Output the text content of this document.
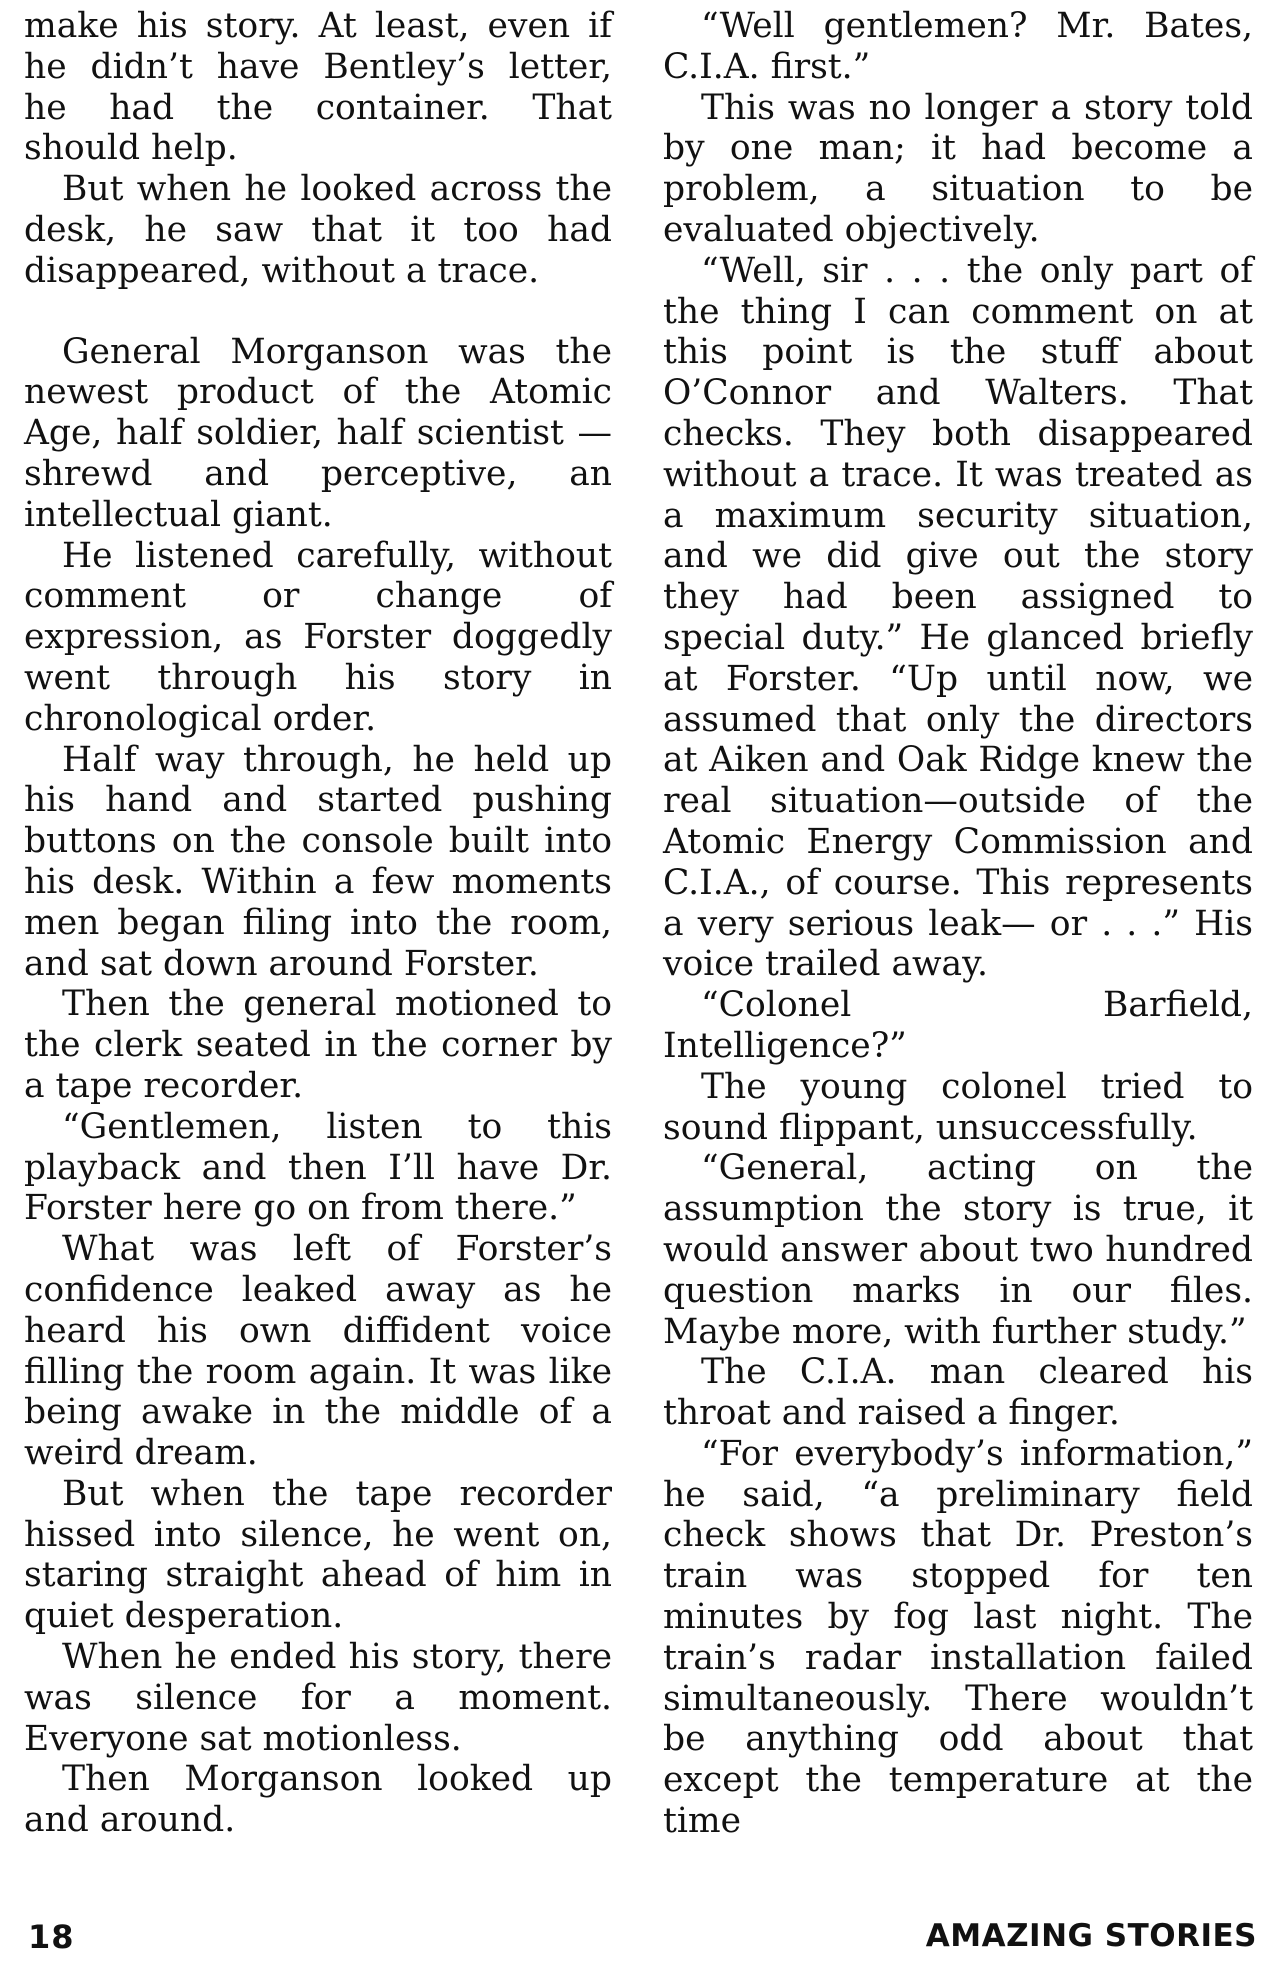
make his story. At least, even if he didn’t have Bentley’s letter, he had the container. That should help.

But when he looked across the desk, he saw that it too had disappeared, without a trace.

General Morganson was the newest product of the Atomic Age, half soldier, half scientist —shrewd and perceptive, an intellectual giant.

He listened carefully, without comment or change of expression, as Forster doggedly went through his story in chronological order.

Half way through, he held up his hand and started pushing buttons on the console built into his desk. Within a few moments men began filing into the room, and sat down around Forster.

Then the general motioned to the clerk seated in the corner by a tape recorder.

“Gentlemen, listen to this playback and then I’ll have Dr. Forster here go on from there.”

What was left of Forster’s confidence leaked away as he heard his own diffident voice filling the room again. It was like being awake in the middle of a weird dream.

But when the tape recorder hissed into silence, he went on, staring straight ahead of him in quiet desperation.

When he ended his story, there was silence for a moment. Everyone sat motionless.

Then Morganson looked up and around.

“Well gentlemen? Mr. Bates, C.I.A. first.”

This was no longer a story told by one man; it had become a problem, a situation to be evaluated objectively.

“Well, sir . . . the only part of the thing I can comment on at this point is the stuff about O’Connor and Walters. That checks. They both disappeared without a trace. It was treated as a maximum security situation, and we did give out the story they had been assigned to special duty.” He glanced briefly at Forster. “Up until now, we assumed that only the directors at Aiken and Oak Ridge knew the real situation—outside of the Atomic Energy Commission and C.I.A., of course. This represents a very serious leak— or . . .” His voice trailed away.

“Colonel Barfield, Intelligence?”

The young colonel tried to sound flippant, unsuccessfully.

“General, acting on the assumption the story is true, it would answer about two hundred question marks in our files. Maybe more, with further study.”

The C.I.A. man cleared his throat and raised a finger.

“For everybody’s information,” he said, “a preliminary field check shows that Dr. Preston’s train was stopped for ten minutes by fog last night. The train’s radar installation failed simultaneously. There wouldn’t be anything odd about that except the temperature at the time

18	AMAZING STORIES
